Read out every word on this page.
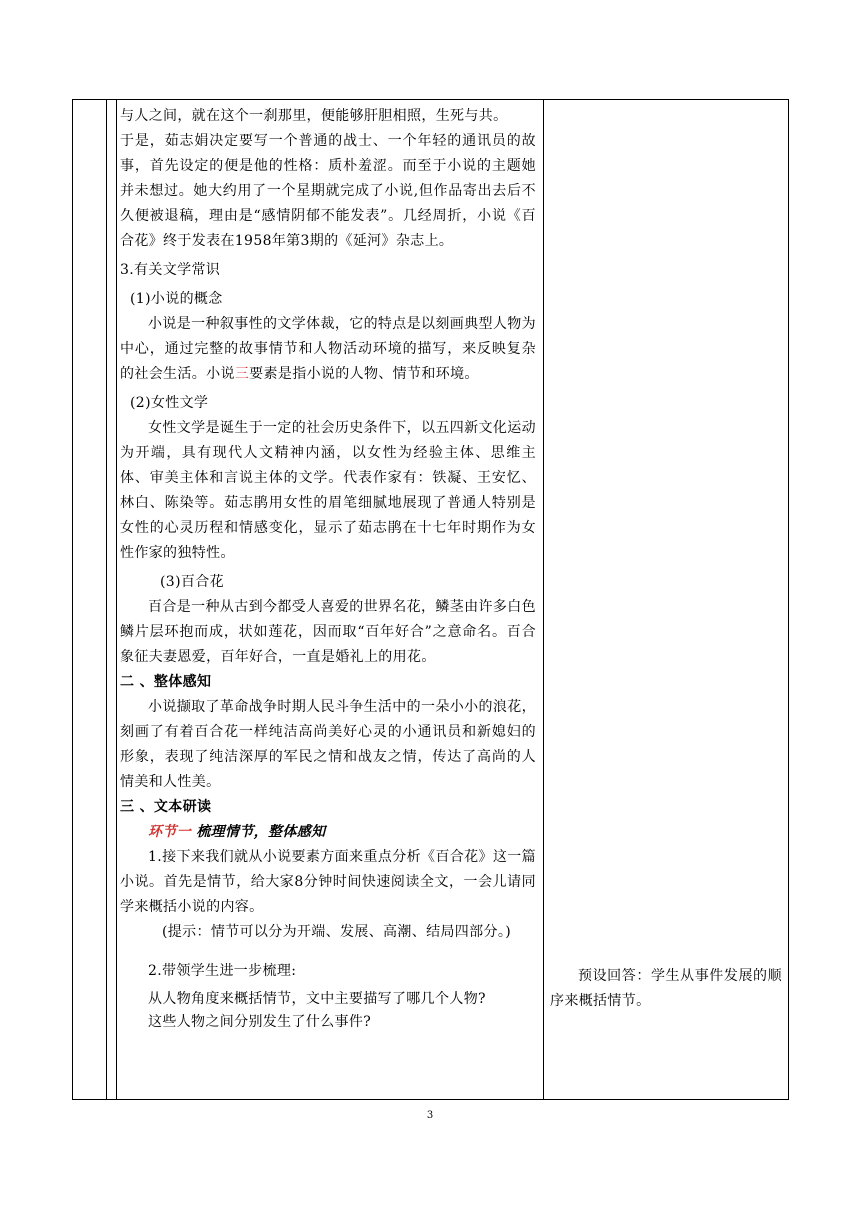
与人之间，就在这个一刹那里，便能够肝胆相照，生死与共。

于是，茹志娟决定要写一个普通的战士、一个年轻的通讯员的故事，首先设定的便是他的性格：质朴羞涩。而至于小说的主题她并未想过。她大约用了一个星期就完成了小说,但作品寄出去后不久便被退稿，理由是“感情阴郁不能发表”。几经周折，小说《百合花》终于发表在1958年第3期的《延河》杂志上。

3.有关文学常识

(1)小说的概念

小说是一种叙事性的文学体裁，它的特点是以刻画典型人物为中心，通过完整的故事情节和人物活动环境的描写，来反映复杂的社会生活。小说三要素是指小说的人物、情节和环境。

(2)女性文学

女性文学是诞生于一定的社会历史条件下，以五四新文化运动为开端，具有现代人文精神内涵，以女性为经验主体、思维主体、审美主体和言说主体的文学。代表作家有：铁凝、王安忆、林白、陈染等。茹志鹃用女性的眉笔细腻地展现了普通人特别是女性的心灵历程和情感变化，显示了茹志鹃在十七年时期作为女性作家的独特性。

(3)百合花

百合是一种从古到今都受人喜爱的世界名花，鳞茎由许多白色鳞片层环抱而成，状如莲花，因而取“百年好合”之意命名。百合象征夫妻恩爱，百年好合，一直是婚礼上的用花。

二 、整体感知

小说撷取了革命战争时期人民斗争生活中的一朵小小的浪花，刻画了有着百合花一样纯洁高尚美好心灵的小通讯员和新媳妇的形象，表现了纯洁深厚的军民之情和战友之情，传达了高尚的人情美和人性美。

三 、文本研读

环节一 梳理情节，整体感知

1.接下来我们就从小说要素方面来重点分析《百合花》这一篇小说。首先是情节，给大家8分钟时间快速阅读全文，一会儿请同学来概括小说的内容。

(提示：情节可以分为开端、发展、高潮、结局四部分。)

2.带领学生进一步梳理:

从人物角度来概括情节，文中主要描写了哪几个人物?

这些人物之间分别发生了什么事件?

预设回答：学生从事件发展的顺序来概括情节。

3
